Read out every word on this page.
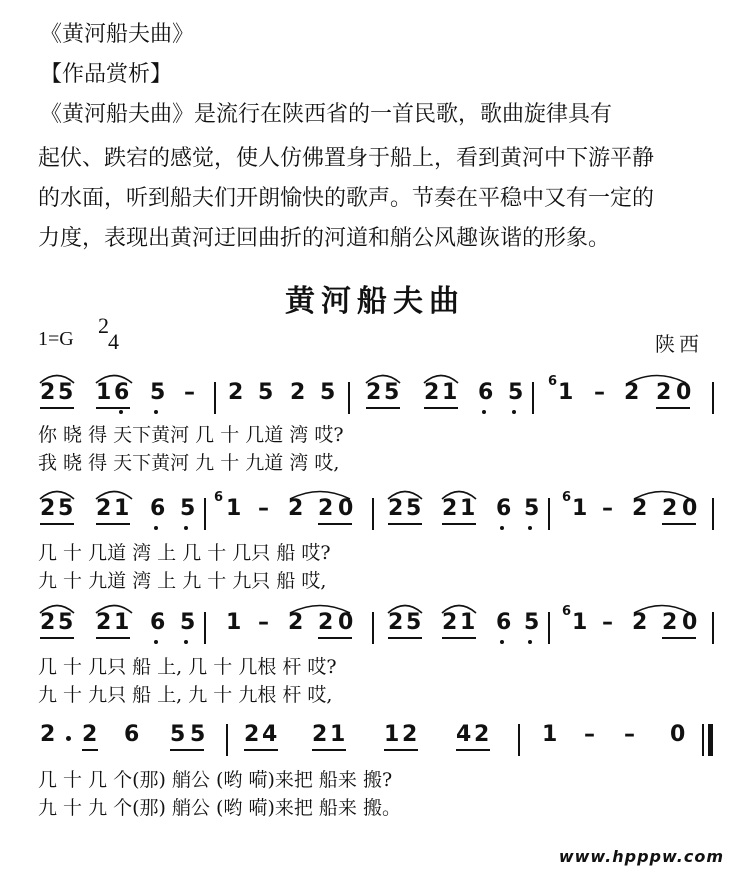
《黄河船夫曲》
【作品赏析】
《黄河船夫曲》是流行在陕西省的一首民歌，歌曲旋律具有
起伏、跌宕的感觉，使人仿佛置身于船上，看到黄河中下游平静
的水面，听到船夫们开朗愉快的歌声。节奏在平稳中又有一定的
力度，表现出黄河迂回曲折的河道和艄公风趣诙谐的形象。
黄河船夫曲
1=G
2
4	陕西
2 5 1 6 5 – 2 5 2 5 2 5 2 1 6 5 6 1 – 2 2 0
2 5 2 1 6 5 6 1 – 2 2 0 2 5 2 1 6 5 6 1 – 2 2 0
2 5 2 1 6 5 1 – 2 2 0 2 5 2 1 6 5 6 1 – 2 2 0
2 2 6 5 5 2 4 2 1 1 2 4 2 1 – – 0
你 晓 得 天下黄河 几 十 几道 湾 哎?
我 晓 得 天下黄河 九 十 九道 湾 哎,
几 十 几道 湾 上 几 十 几只 船 哎?
九 十 九道 湾 上 九 十 九只 船 哎,
几 十 几只 船 上, 几 十 几根 杆 哎?
九 十 九只 船 上, 九 十 九根 杆 哎,
几 十 几 个(那) 艄公 (哟 嗬)来把 船来 搬?
九 十 九 个(那) 艄公 (哟 嗬)来把 船来 搬。
www.hpppw.com
